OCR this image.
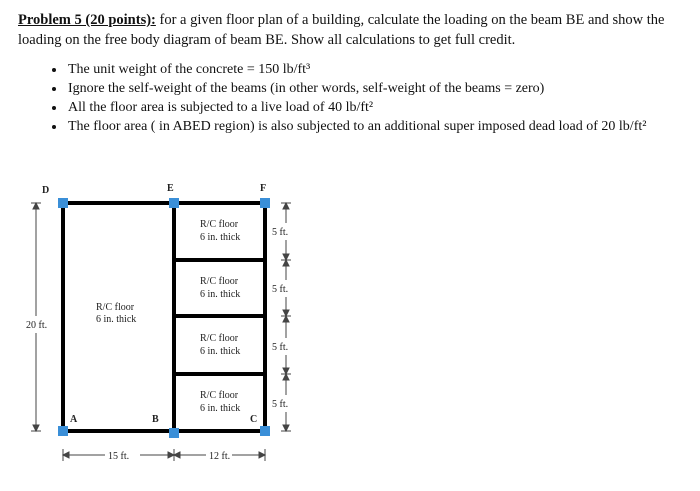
Problem 5 (20 points): for a given floor plan of a building, calculate the loading on the beam BE and show the loading on the free body diagram of beam BE. Show all calculations to get full credit.
• The unit weight of the concrete = 150 lb/ft³
• Ignore the self-weight of the beams (in other words, self-weight of the beams = zero)
• All the floor area is subjected to a live load of 40 lb/ft²
• The floor area ( in ABED region) is also subjected to an additional super imposed dead load of 20 lb/ft²
D	E	F
A	B	C
R/C floor
6 in. thick
R/C floor
6 in. thick
R/C floor
6 in. thick
R/C floor
6 in. thick
R/C floor
6 in. thick
20 ft.
15 ft.	12 ft.
5 ft.
5 ft.
5 ft.
5 ft.
